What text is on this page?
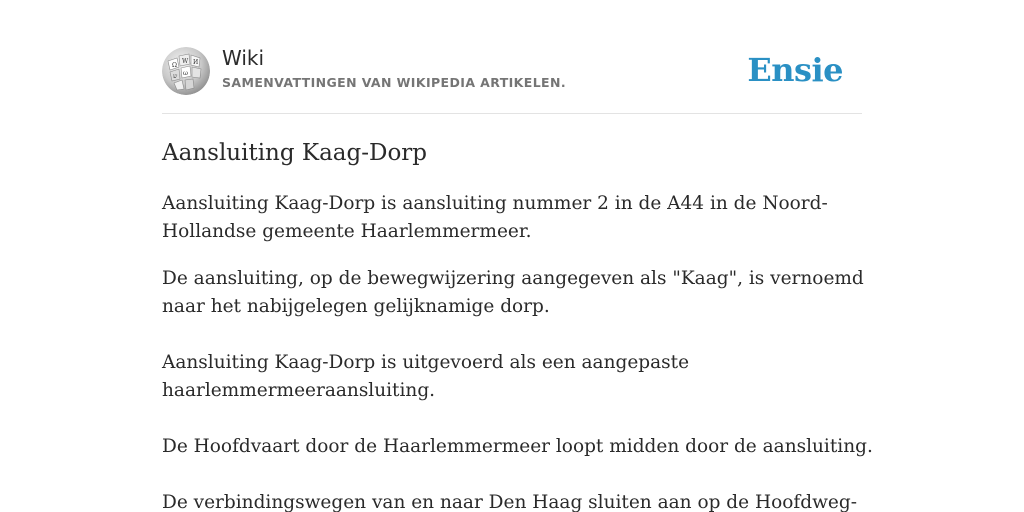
Ω
W И
ω
ש
Wiki
SAMENVATTINGEN VAN WIKIPEDIA ARTIKELEN.	Ensie
Aansluiting Kaag-Dorp

Aansluiting Kaag-Dorp is aansluiting nummer 2 in de A44 in de Noord-Hollandse gemeente Haarlemmermeer.

De aansluiting, op de bewegwijzering aangegeven als "Kaag", is vernoemd naar het nabijgelegen gelijknamige dorp.

Aansluiting Kaag-Dorp is uitgevoerd als een aangepaste haarlemmermeeraansluiting.

De Hoofdvaart door de Haarlemmermeer loopt midden door de aansluiting.

De verbindingswegen van en naar Den Haag sluiten aan op de Hoofdweg-
